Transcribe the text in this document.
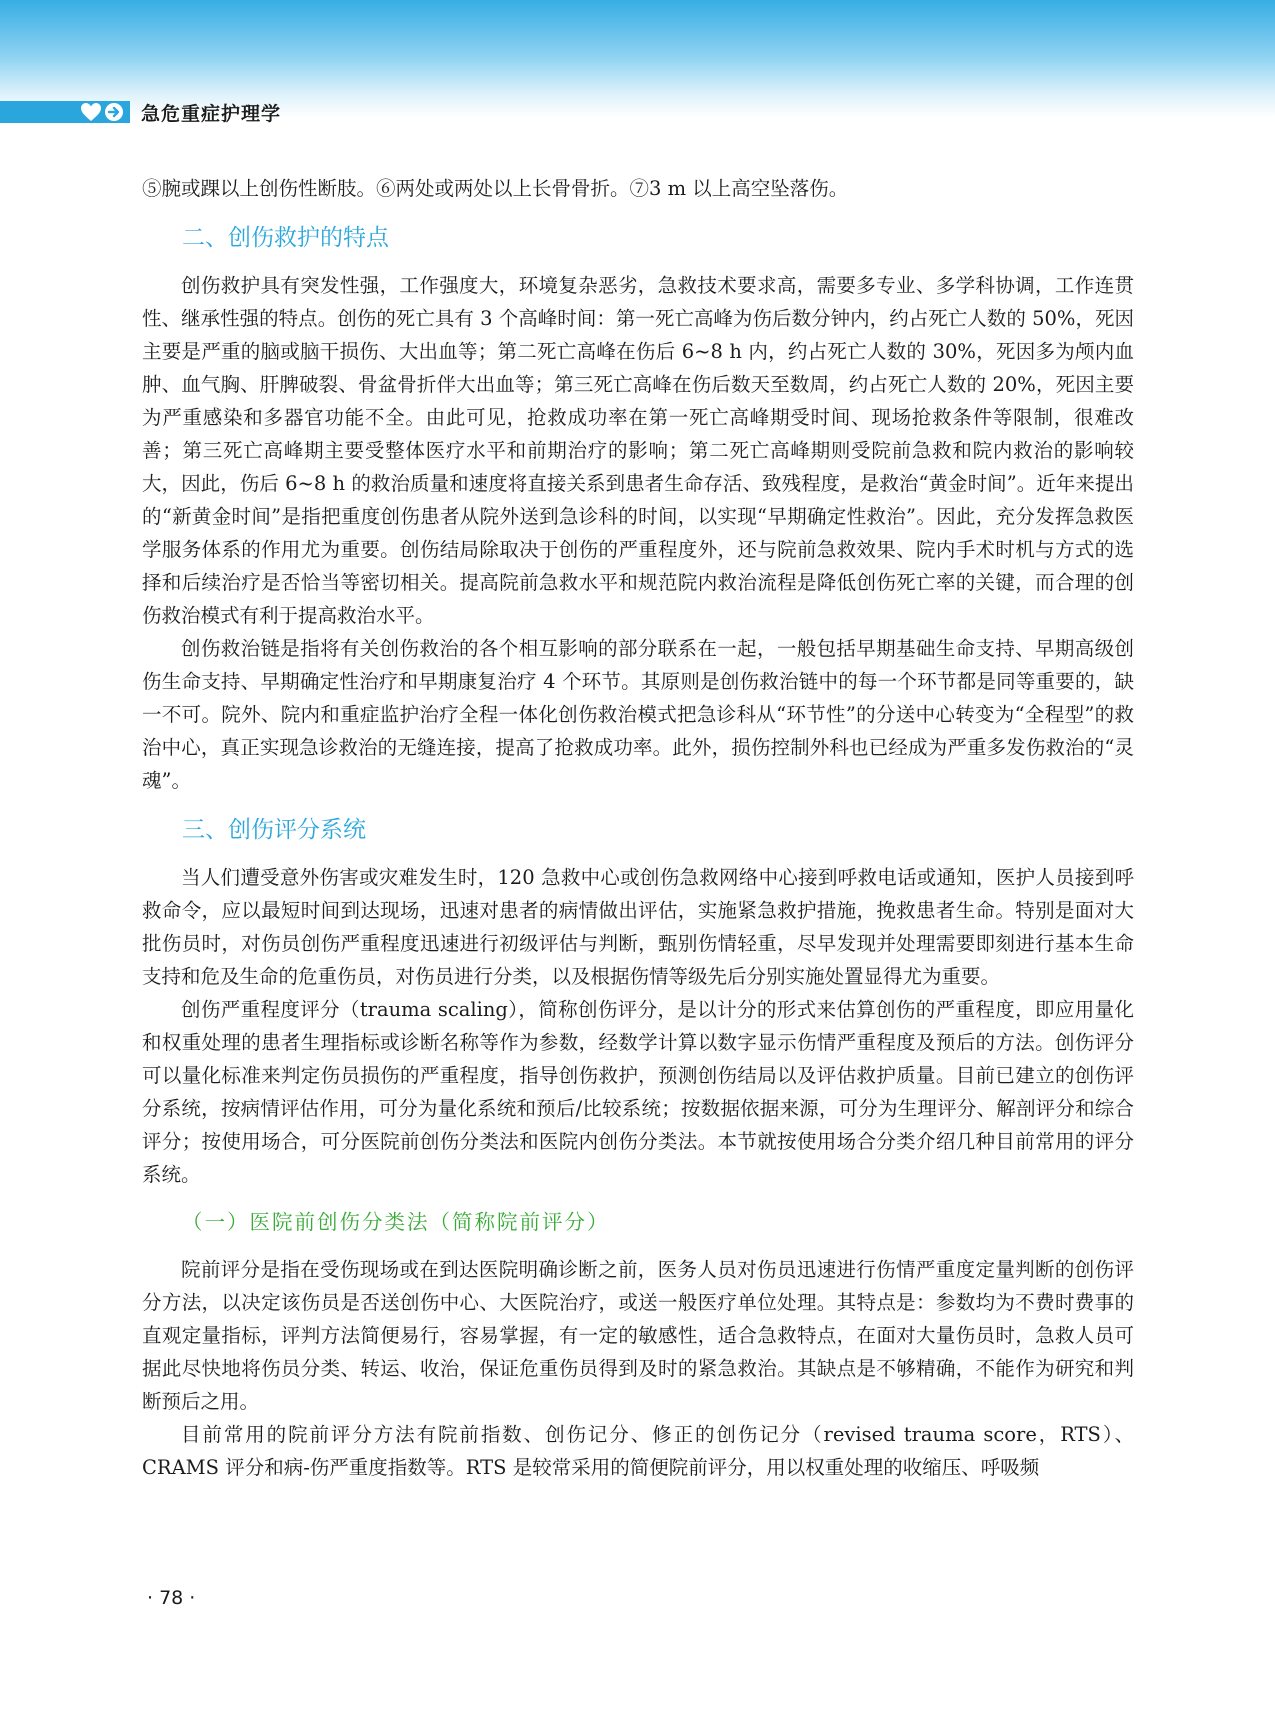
急危重症护理学
⑤腕或踝以上创伤性断肢。⑥两处或两处以上长骨骨折。⑦3 m 以上高空坠落伤。
二、创伤救护的特点

创伤救护具有突发性强，工作强度大，环境复杂恶劣，急救技术要求高，需要多专业、多学科协调，工作连贯性、继承性强的特点。创伤的死亡具有 3 个高峰时间：第一死亡高峰为伤后数分钟内，约占死亡人数的 50%，死因主要是严重的脑或脑干损伤、大出血等；第二死亡高峰在伤后 6~8 h 内，约占死亡人数的 30%，死因多为颅内血肿、血气胸、肝脾破裂、骨盆骨折伴大出血等；第三死亡高峰在伤后数天至数周，约占死亡人数的 20%，死因主要为严重感染和多器官功能不全。由此可见，抢救成功率在第一死亡高峰期受时间、现场抢救条件等限制，很难改善；第三死亡高峰期主要受整体医疗水平和前期治疗的影响；第二死亡高峰期则受院前急救和院内救治的影响较大，因此，伤后 6~8 h 的救治质量和速度将直接关系到患者生命存活、致残程度，是救治“黄金时间”。近年来提出的“新黄金时间”是指把重度创伤患者从院外送到急诊科的时间，以实现“早期确定性救治”。因此，充分发挥急救医学服务体系的作用尤为重要。创伤结局除取决于创伤的严重程度外，还与院前急救效果、院内手术时机与方式的选择和后续治疗是否恰当等密切相关。提高院前急救水平和规范院内救治流程是降低创伤死亡率的关键，而合理的创伤救治模式有利于提高救治水平。

创伤救治链是指将有关创伤救治的各个相互影响的部分联系在一起，一般包括早期基础生命支持、早期高级创伤生命支持、早期确定性治疗和早期康复治疗 4 个环节。其原则是创伤救治链中的每一个环节都是同等重要的，缺一不可。院外、院内和重症监护治疗全程一体化创伤救治模式把急诊科从“环节性”的分送中心转变为“全程型”的救治中心，真正实现急诊救治的无缝连接，提高了抢救成功率。此外，损伤控制外科也已经成为严重多发伤救治的“灵魂”。

三、创伤评分系统

当人们遭受意外伤害或灾难发生时，120 急救中心或创伤急救网络中心接到呼救电话或通知，医护人员接到呼救命令，应以最短时间到达现场，迅速对患者的病情做出评估，实施紧急救护措施，挽救患者生命。特别是面对大批伤员时，对伤员创伤严重程度迅速进行初级评估与判断，甄别伤情轻重，尽早发现并处理需要即刻进行基本生命支持和危及生命的危重伤员，对伤员进行分类，以及根据伤情等级先后分别实施处置显得尤为重要。

创伤严重程度评分（trauma scaling），简称创伤评分，是以计分的形式来估算创伤的严重程度，即应用量化和权重处理的患者生理指标或诊断名称等作为参数，经数学计算以数字显示伤情严重程度及预后的方法。创伤评分可以量化标准来判定伤员损伤的严重程度，指导创伤救护，预测创伤结局以及评估救护质量。目前已建立的创伤评分系统，按病情评估作用，可分为量化系统和预后/比较系统；按数据依据来源，可分为生理评分、解剖评分和综合评分；按使用场合，可分医院前创伤分类法和医院内创伤分类法。本节就按使用场合分类介绍几种目前常用的评分系统。

（一）医院前创伤分类法（简称院前评分）

院前评分是指在受伤现场或在到达医院明确诊断之前，医务人员对伤员迅速进行伤情严重度定量判断的创伤评分方法，以决定该伤员是否送创伤中心、大医院治疗，或送一般医疗单位处理。其特点是：参数均为不费时费事的直观定量指标，评判方法简便易行，容易掌握，有一定的敏感性，适合急救特点，在面对大量伤员时，急救人员可据此尽快地将伤员分类、转运、收治，保证危重伤员得到及时的紧急救治。其缺点是不够精确，不能作为研究和判断预后之用。

目前常用的院前评分方法有院前指数、创伤记分、修正的创伤记分（revised trauma score，RTS）、CRAMS 评分和病-伤严重度指数等。RTS 是较常采用的简便院前评分，用以权重处理的收缩压、呼吸频

· 78 ·
